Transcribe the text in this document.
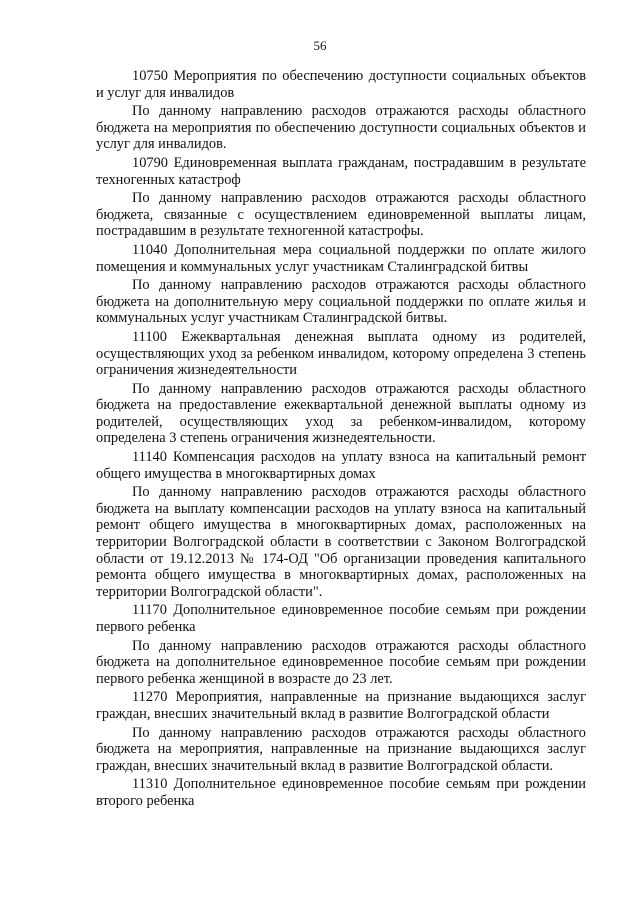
56

10750 Мероприятия по обеспечению доступности социальных объектов и услуг для инвалидов

По данному направлению расходов отражаются расходы областного бюджета на мероприятия по обеспечению доступности социальных объектов и услуг для инвалидов.

10790 Единовременная выплата гражданам, пострадавшим в результате техногенных катастроф

По данному направлению расходов отражаются расходы областного бюджета, связанные с осуществлением единовременной выплаты лицам, пострадавшим в результате техногенной катастрофы.

11040 Дополнительная мера социальной поддержки по оплате жилого помещения и коммунальных услуг участникам Сталинградской битвы

По данному направлению расходов отражаются расходы областного бюджета на дополнительную меру социальной поддержки по оплате жилья и коммунальных услуг участникам Сталинградской битвы.

11100 Ежеквартальная денежная выплата одному из родителей, осуществляющих уход за ребенком инвалидом, которому определена 3 степень ограничения жизнедеятельности

По данному направлению расходов отражаются расходы областного бюджета на предоставление ежеквартальной денежной выплаты одному из родителей, осуществляющих уход за ребенком-инвалидом, которому определена 3 степень ограничения жизнедеятельности.

11140 Компенсация расходов на уплату взноса на капитальный ремонт общего имущества в многоквартирных домах

По данному направлению расходов отражаются расходы областного бюджета на выплату компенсации расходов на уплату взноса на капитальный ремонт общего имущества в многоквартирных домах, расположенных на территории Волгоградской области в соответствии с Законом Волгоградской области от 19.12.2013 № 174-ОД "Об организации проведения капитального ремонта общего имущества в многоквартирных домах, расположенных на территории Волгоградской области".

11170 Дополнительное единовременное пособие семьям при рождении первого ребенка

По данному направлению расходов отражаются расходы областного бюджета на дополнительное единовременное пособие семьям при рождении первого ребенка женщиной в возрасте до 23 лет.

11270 Мероприятия, направленные на признание выдающихся заслуг граждан, внесших значительный вклад в развитие Волгоградской области

По данному направлению расходов отражаются расходы областного бюджета на мероприятия, направленные на признание выдающихся заслуг граждан, внесших значительный вклад в развитие Волгоградской области.

11310 Дополнительное единовременное пособие семьям при рождении второго ребенка
